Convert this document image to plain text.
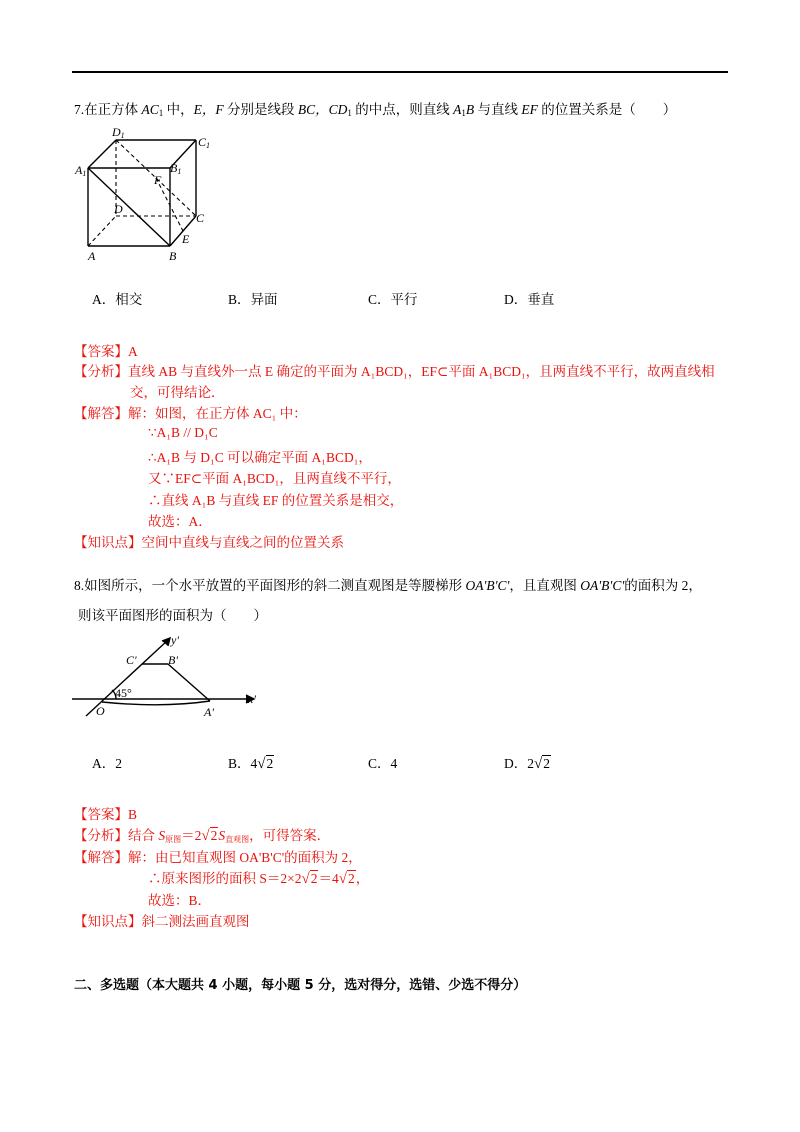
7.在正方体 $AC_1$ 中，E，F 分别是线段 BC，$CD_1$ 的中点，则直线 $A_1B$ 与直线 EF 的位置关系是（　　）
D1	C1
A1	B1
F
D
C
E
A	B
A．相交	B．异面	C．平行	D．垂直
【答案】A
【分析】直线 AB 与直线外一点 E 确定的平面为 A₁BCD₁，EF⊂平面 A₁BCD₁，且两直线不平行，故两直线相
交，可得结论．
【解答】解：如图，在正方体 AC₁ 中：
∵A₁B // D₁C
∴A₁B 与 D₁C 可以确定平面 A₁BCD₁，
又∵EF⊂平面 A₁BCD₁，且两直线不平行，
∴直线 A₁B 与直线 EF 的位置关系是相交，
故选：A．
【知识点】空间中直线与直线之间的位置关系
8.如图所示，一个水平放置的平面图形的斜二测直观图是等腰梯形 OA'B'C'，且直观图 OA'B'C'的面积为 2，
则该平面图形的面积为（　　）
y'
C'	B'
45°
O	A'
x'
A．2	B．4√2	C．4	D．2√2
【答案】B
【分析】结合 S原图＝2√2S直观图，可得答案．
【解答】解：由已知直观图 OA'B'C'的面积为 2，
∴原来图形的面积 S＝2×2√2＝4√2，
故选：B．
【知识点】斜二测法画直观图
二、多选题（本大题共 4 小题，每小题 5 分，选对得分，选错、少选不得分）
